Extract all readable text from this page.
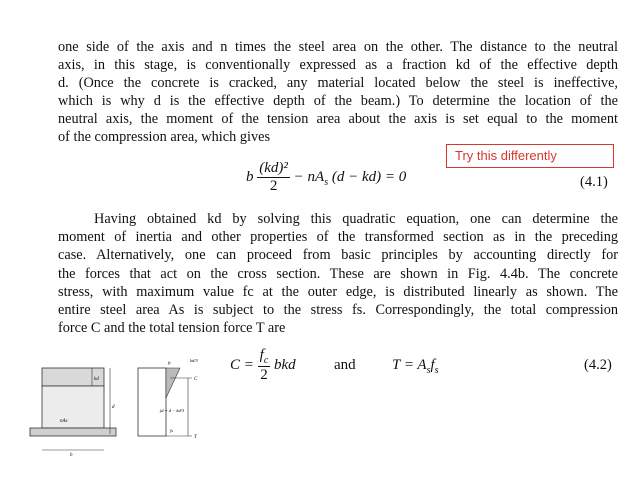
one side of the axis and n times the steel area on the other. The distance to the neutral
axis, in this stage, is conventionally expressed as a fraction kd of the effective depth
d. (Once the concrete is cracked, any material located below the steel is ineffective,
which is why d is the effective depth of the beam.) To determine the location of the
neutral axis, the moment of the tension area about the axis is set equal to the moment
of the compression area, which gives
Try this differently
b $\frac{\text{(kd)²}}{2} - nA_s$ (d − kd) = 0	(4.1)
Having obtained kd by solving this quadratic equation, one can determine the
moment of inertia and other properties of the transformed section as in the preceding
case. Alternatively, one can proceed from basic principles by accounting directly for
the forces that act on the cross section. These are shown in Fig. 4.4b. The concrete
stress, with maximum value fc at the outer edge, is distributed linearly as shown. The
entire steel area As is subject to the stress fs. Correspondingly, the total compression
force C and the total tension force T are
$C = \frac{f_c}{2}$ bkd	and $T = A_sf_s$	(4.2)
kd
d
nAs
b
kd/3
fc
C
jd = d − kd/3
fs
T
